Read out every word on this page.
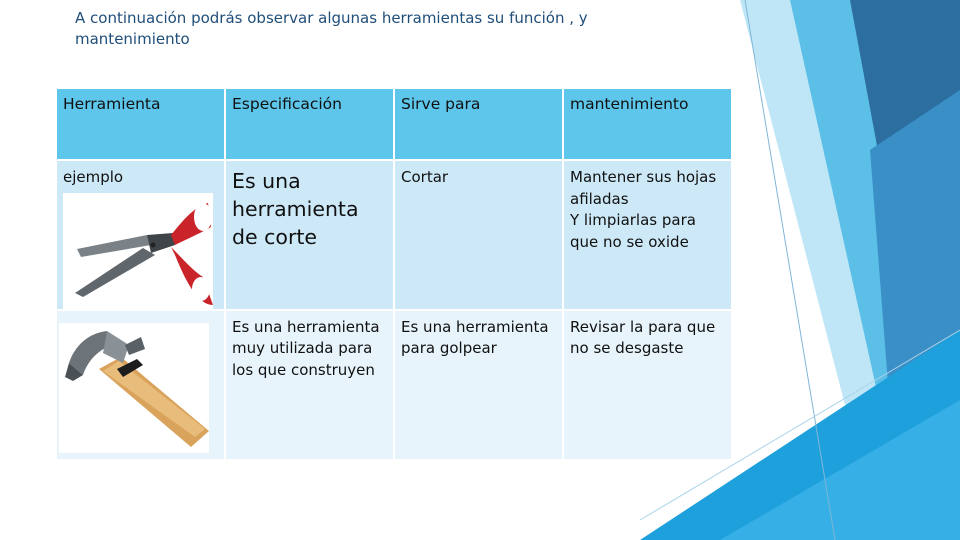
A continuación podrás observar algunas herramientas su función , y mantenimiento
Herramienta	Especificación	Sirve para	mantenimiento

ejemplo	Es una herramienta de corte	Cortar	Mantener sus hojas afiladas
Y limpiarlas para que no se oxide

	Es una herramienta muy utilizada para los que construyen	Es una herramienta para golpear	Revisar la para que no se desgaste
